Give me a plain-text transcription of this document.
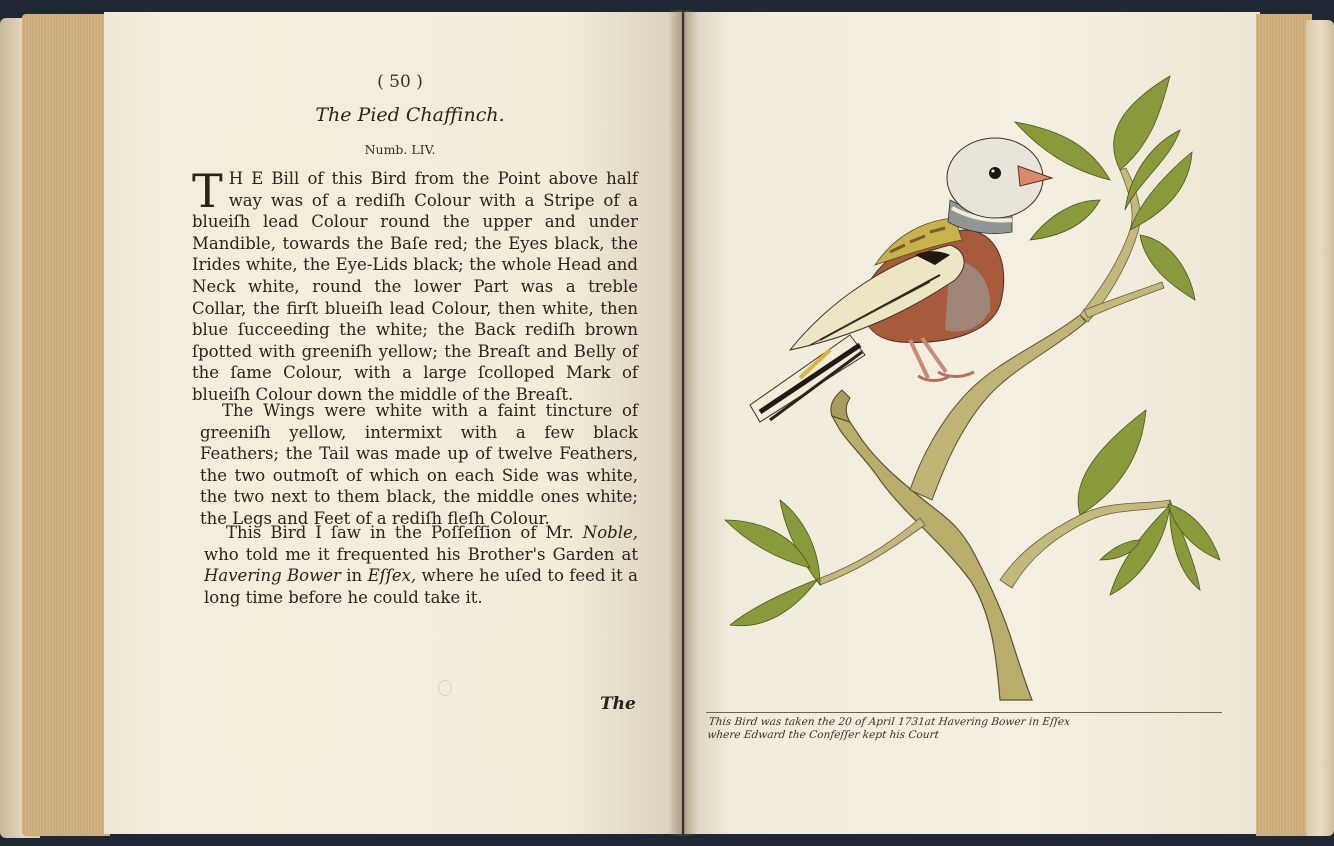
( 50 )
The Pied Chaffinch.
Numb. LIV.

T H E Bill of this Bird from the Point above half way was of a rediſh Colour with a Stripe of a blueiſh lead Colour round the upper and under Mandible, towards the Baſe red; the Eyes black, the Irides white, the Eye-Lids black; the whole Head and Neck white, round the lower Part was a treble Collar, the firſt blueiſh lead Colour, then white, then blue ſucceeding the white; the Back rediſh brown ſpotted with greeniſh yellow; the Breaſt and Belly of the ſame Colour, with a large ſcolloped Mark of blueiſh Colour down the middle of the Breaſt.

The Wings were white with a faint tincture of greeniſh yellow, intermixt with a few black Feathers; the Tail was made up of twelve Feathers, the two outmoſt of which on each Side was white, the two next to them black, the middle ones white; the Legs and Feet of a rediſh fleſh Colour.

This Bird I ſaw in the Poſſeſſion of Mr. Noble, who told me it frequented his Brother's Garden at Havering Bower in Eſſex, where he uſed to feed it a long time before he could take it.

The

This Bird was taken the 20 of April 1731at Havering Bower in Eſſex
where Edward the Confeſſer kept his Court
